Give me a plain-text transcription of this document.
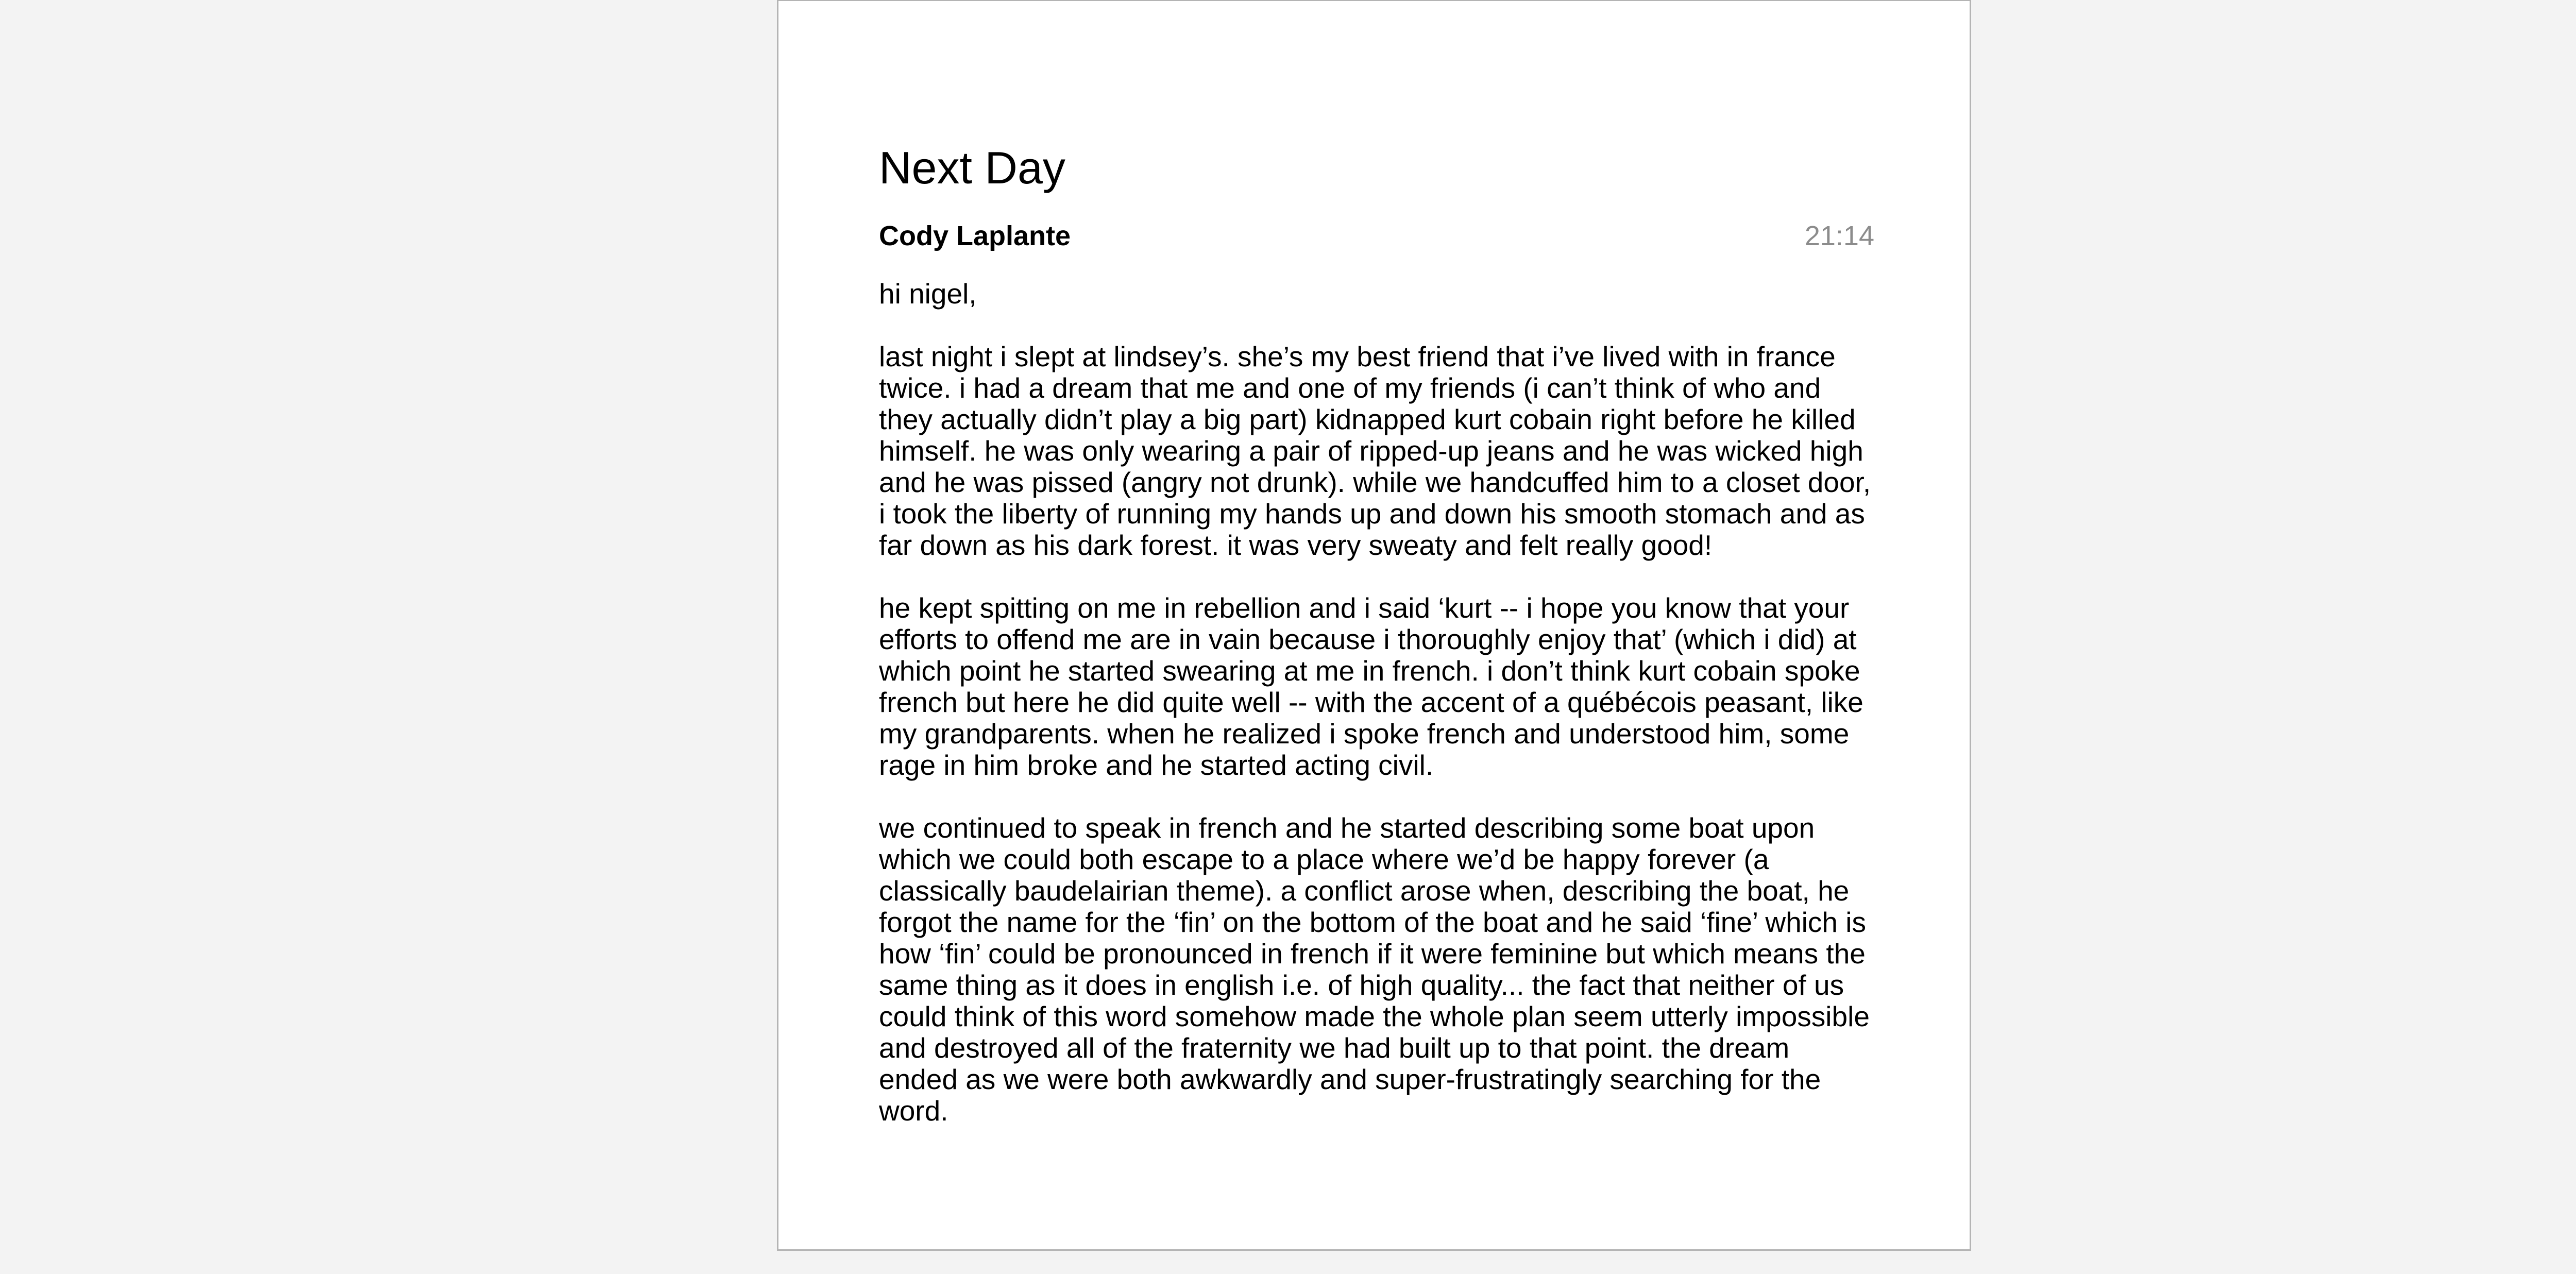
Next Day
Cody Laplante	21:14

hi nigel,

last night i slept at lindsey’s. she’s my best friend that i’ve lived with in france twice. i had a dream that me and one of my friends (i can’t think of who and they actually didn’t play a big part) kidnapped kurt cobain right before he killed himself. he was only wearing a pair of ripped-up jeans and he was wicked high and he was pissed (angry not drunk). while we handcuffed him to a closet door, i took the liberty of running my hands up and down his smooth stomach and as far down as his dark forest. it was very sweaty and felt really good!

he kept spitting on me in rebellion and i said ‘kurt -- i hope you know that your efforts to offend me are in vain because i thoroughly enjoy that’ (which i did) at which point he started swearing at me in french. i don’t think kurt cobain spoke french but here he did quite well -- with the accent of a québécois peasant, like my grandparents. when he realized i spoke french and understood him, some rage in him broke and he started acting civil.

we continued to speak in french and he started describing some boat upon which we could both escape to a place where we’d be happy forever (a classically baudelairian theme). a conflict arose when, describing the boat, he forgot the name for the ‘fin’ on the bottom of the boat and he said ‘fine’ which is how ‘fin’ could be pronounced in french if it were feminine but which means the same thing as it does in english i.e. of high quality... the fact that neither of us could think of this word somehow made the whole plan seem utterly impossible and destroyed all of the fraternity we had built up to that point. the dream ended as we were both awkwardly and super-frustratingly searching for the word.
